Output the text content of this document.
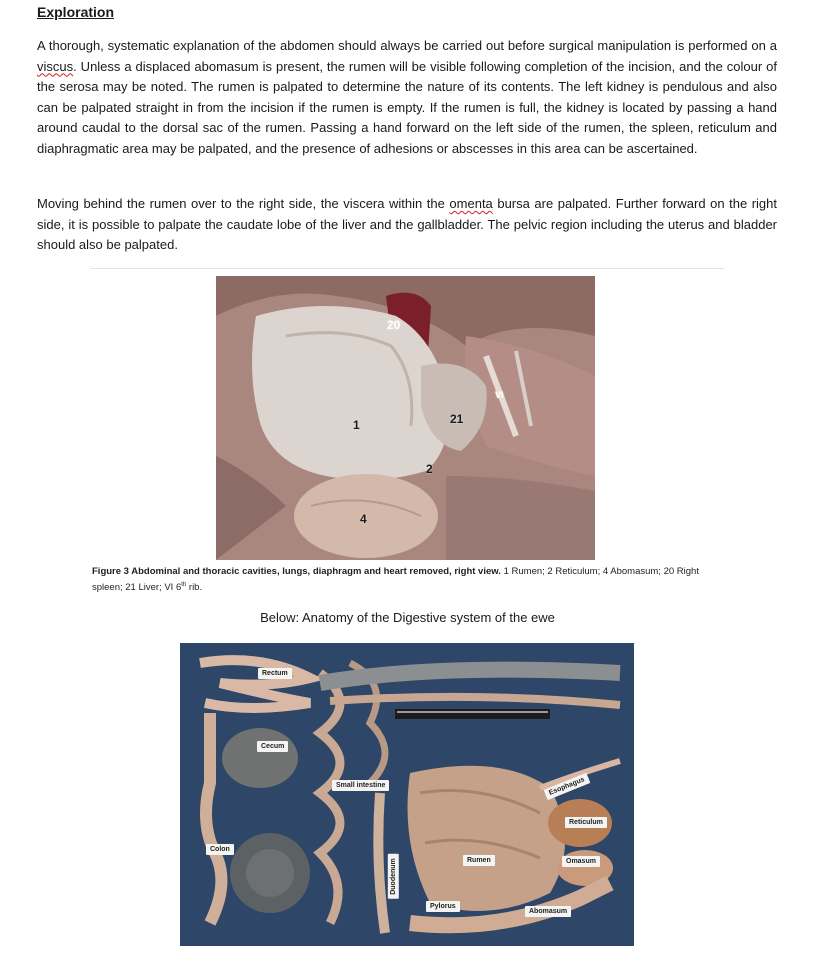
Exploration

A thorough, systematic explanation of the abdomen should always be carried out before surgical manipulation is performed on a viscus. Unless a displaced abomasum is present, the rumen will be visible following completion of the incision, and the colour of the serosa may be noted. The rumen is palpated to determine the nature of its contents. The left kidney is pendulous and also can be palpated straight in from the incision if the rumen is empty. If the rumen is full, the kidney is located by passing a hand around caudal to the dorsal sac of the rumen. Passing a hand forward on the left side of the rumen, the spleen, reticulum and diaphragmatic area may be palpated, and the presence of adhesions or abscesses in this area can be ascertained.

Moving behind the rumen over to the right side, the viscera within the omenta bursa are palpated. Further forward on the right side, it is possible to palpate the caudate lobe of the liver and the gallbladder. The pelvic region including the uterus and bladder should also be palpated.

20
1	21
2
4
VI
Figure 3 Abdominal and thoracic cavities, lungs, diaphragm and heart removed, right view. 1 Rumen; 2 Reticulum; 4 Abomasum; 20 Right spleen; 21 Liver; VI 6th rib.
Below: Anatomy of the Digestive system of the ewe
Rectum
Cecum
Small intestine	Esophagus
Reticulum
Colon
Duodenum	Rumen	Omasum
Pylorus
Abomasum
